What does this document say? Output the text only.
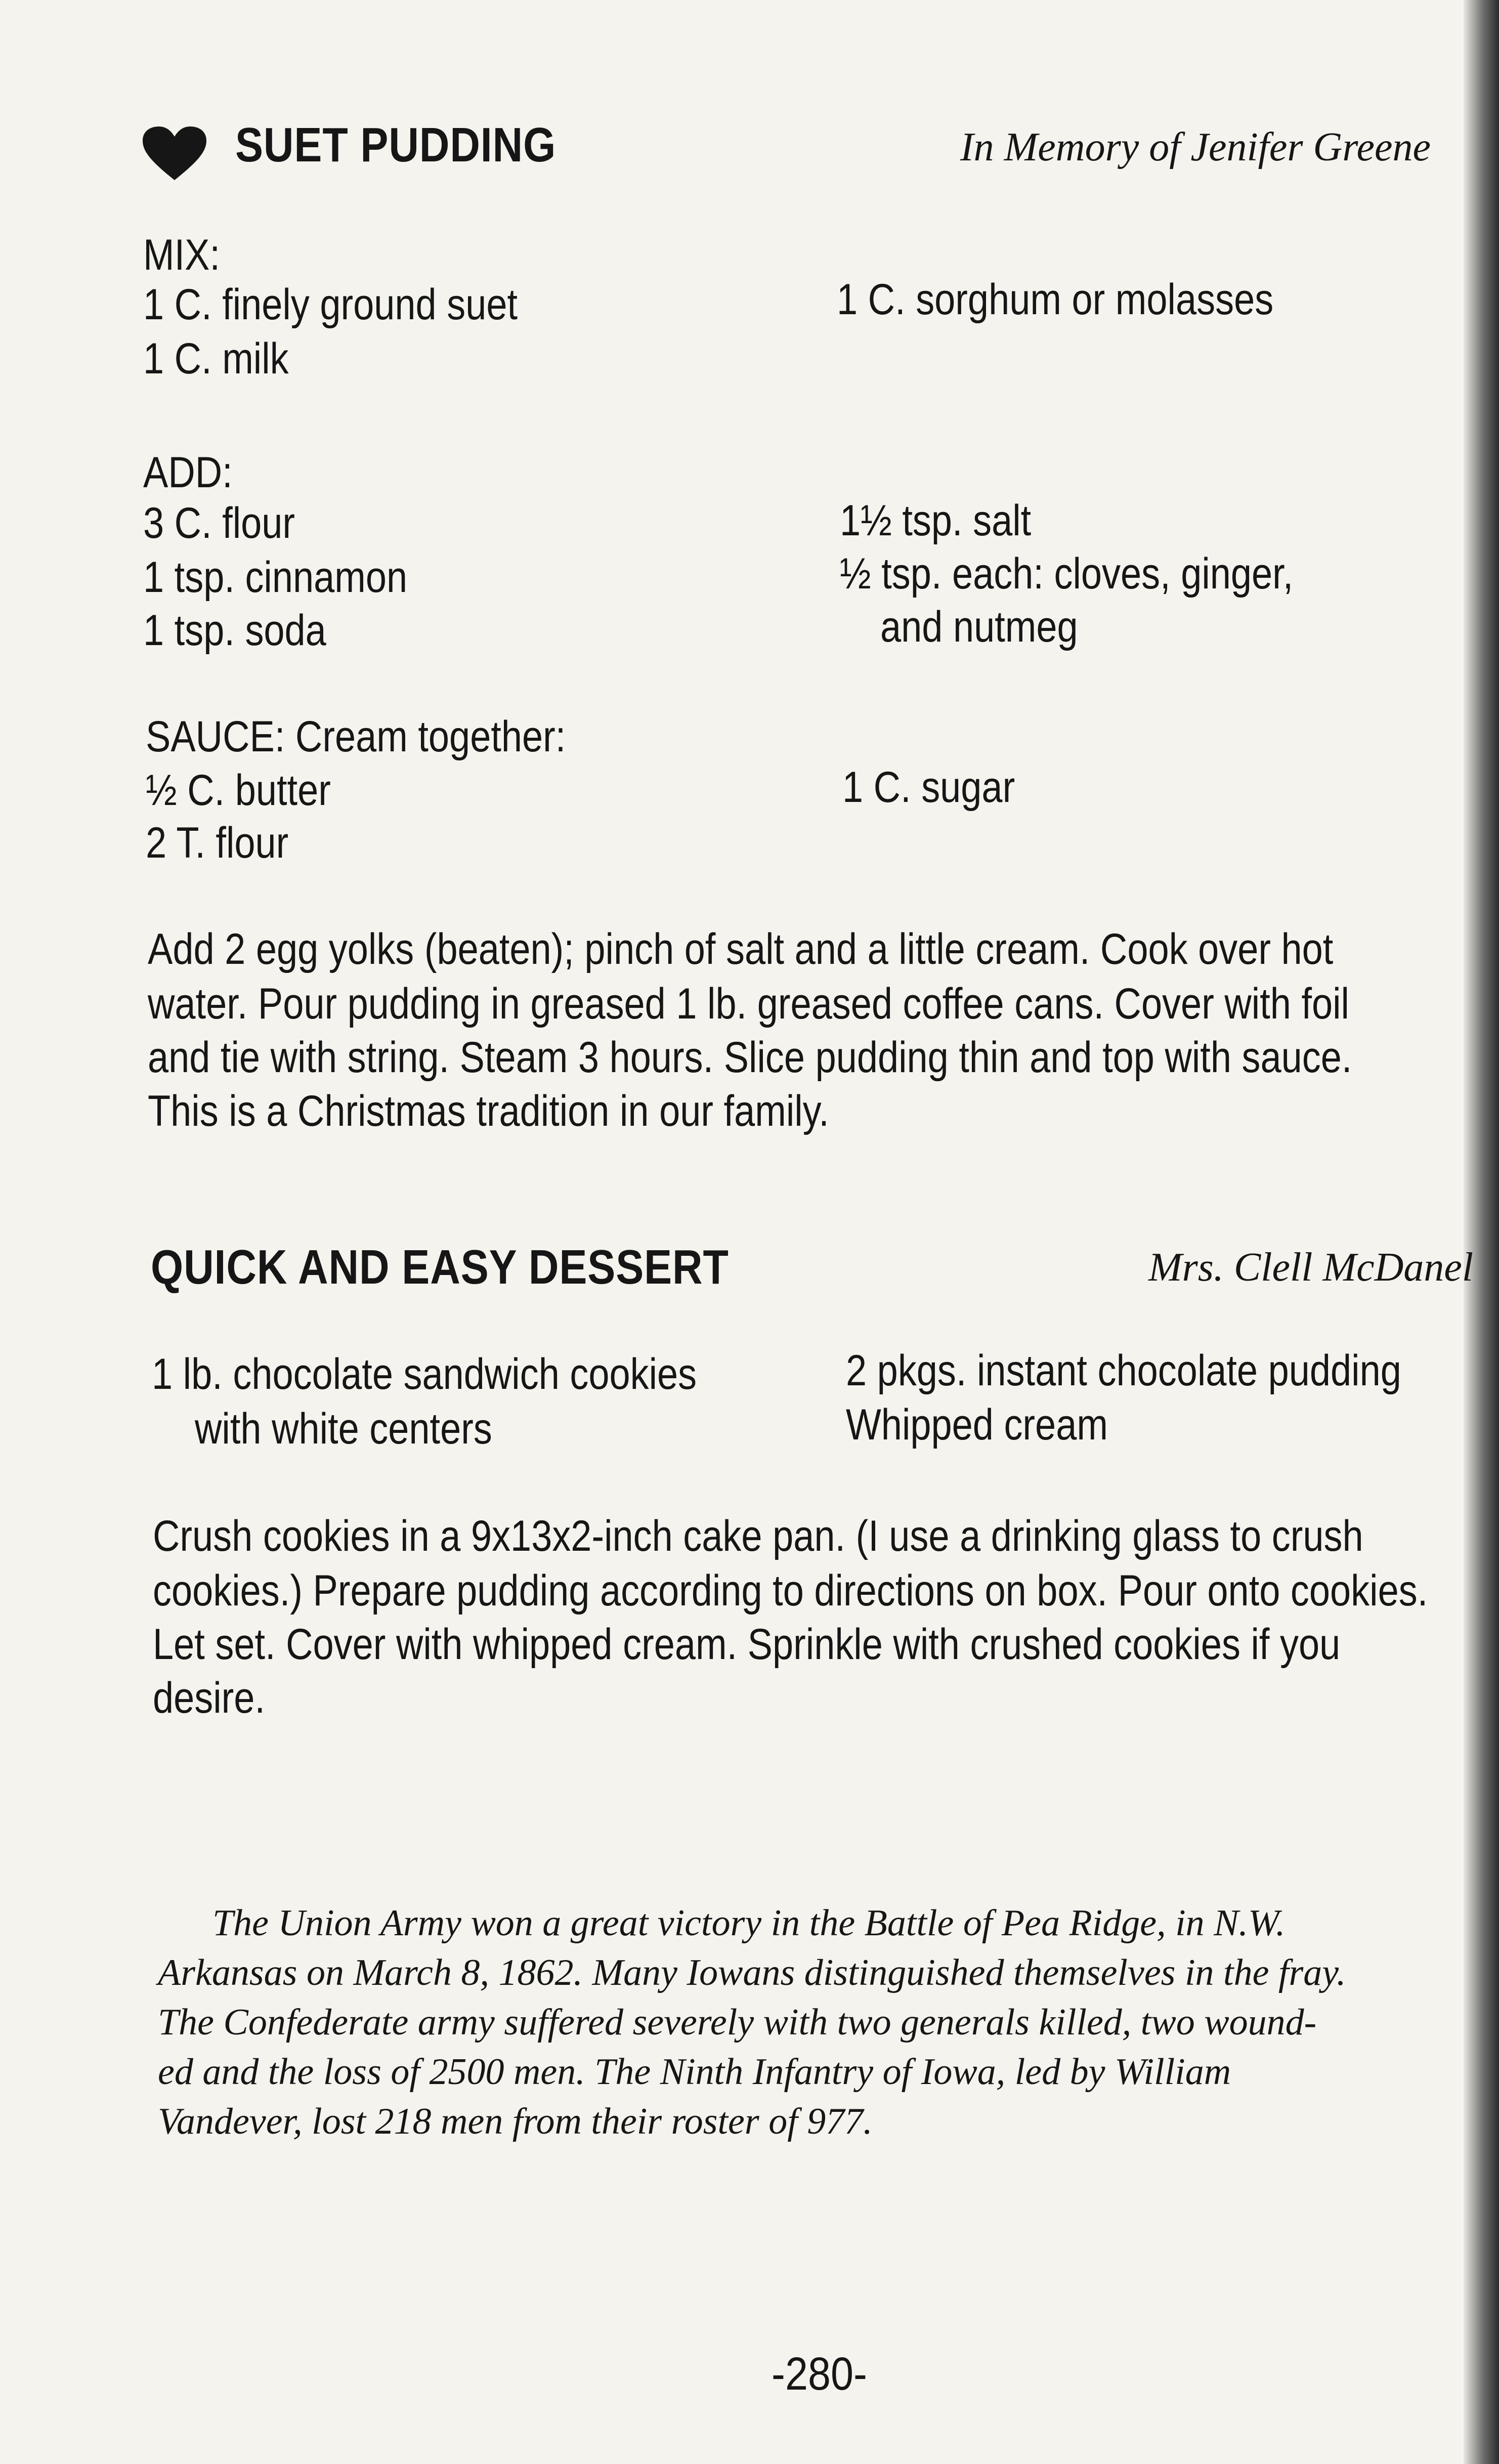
SUET PUDDING	In Memory of Jenifer Greene
MIX:
1 C. finely ground suet
1 C. milk
1 C. sorghum or molasses
ADD:
3 C. flour
1 tsp. cinnamon
1 tsp. soda
1½ tsp. salt
½ tsp. each: cloves, ginger,
and nutmeg
SAUCE: Cream together:
½ C. butter
2 T. flour
1 C. sugar
Add 2 egg yolks (beaten); pinch of salt and a little cream. Cook over hot
water. Pour pudding in greased 1 lb. greased coffee cans. Cover with foil
and tie with string. Steam 3 hours. Slice pudding thin and top with sauce.
This is a Christmas tradition in our family.
QUICK AND EASY DESSERT	Mrs. Clell McDanel
1 lb. chocolate sandwich cookies
with white centers
2 pkgs. instant chocolate pudding
Whipped cream
Crush cookies in a 9x13x2-inch cake pan. (I use a drinking glass to crush
cookies.) Prepare pudding according to directions on box. Pour onto cookies.
Let set. Cover with whipped cream. Sprinkle with crushed cookies if you
desire.
The Union Army won a great victory in the Battle of Pea Ridge, in N.W.
Arkansas on March 8, 1862. Many Iowans distinguished themselves in the fray.
The Confederate army suffered severely with two generals killed, two wound-
ed and the loss of 2500 men. The Ninth Infantry of Iowa, led by William
Vandever, lost 218 men from their roster of 977.
-280-
